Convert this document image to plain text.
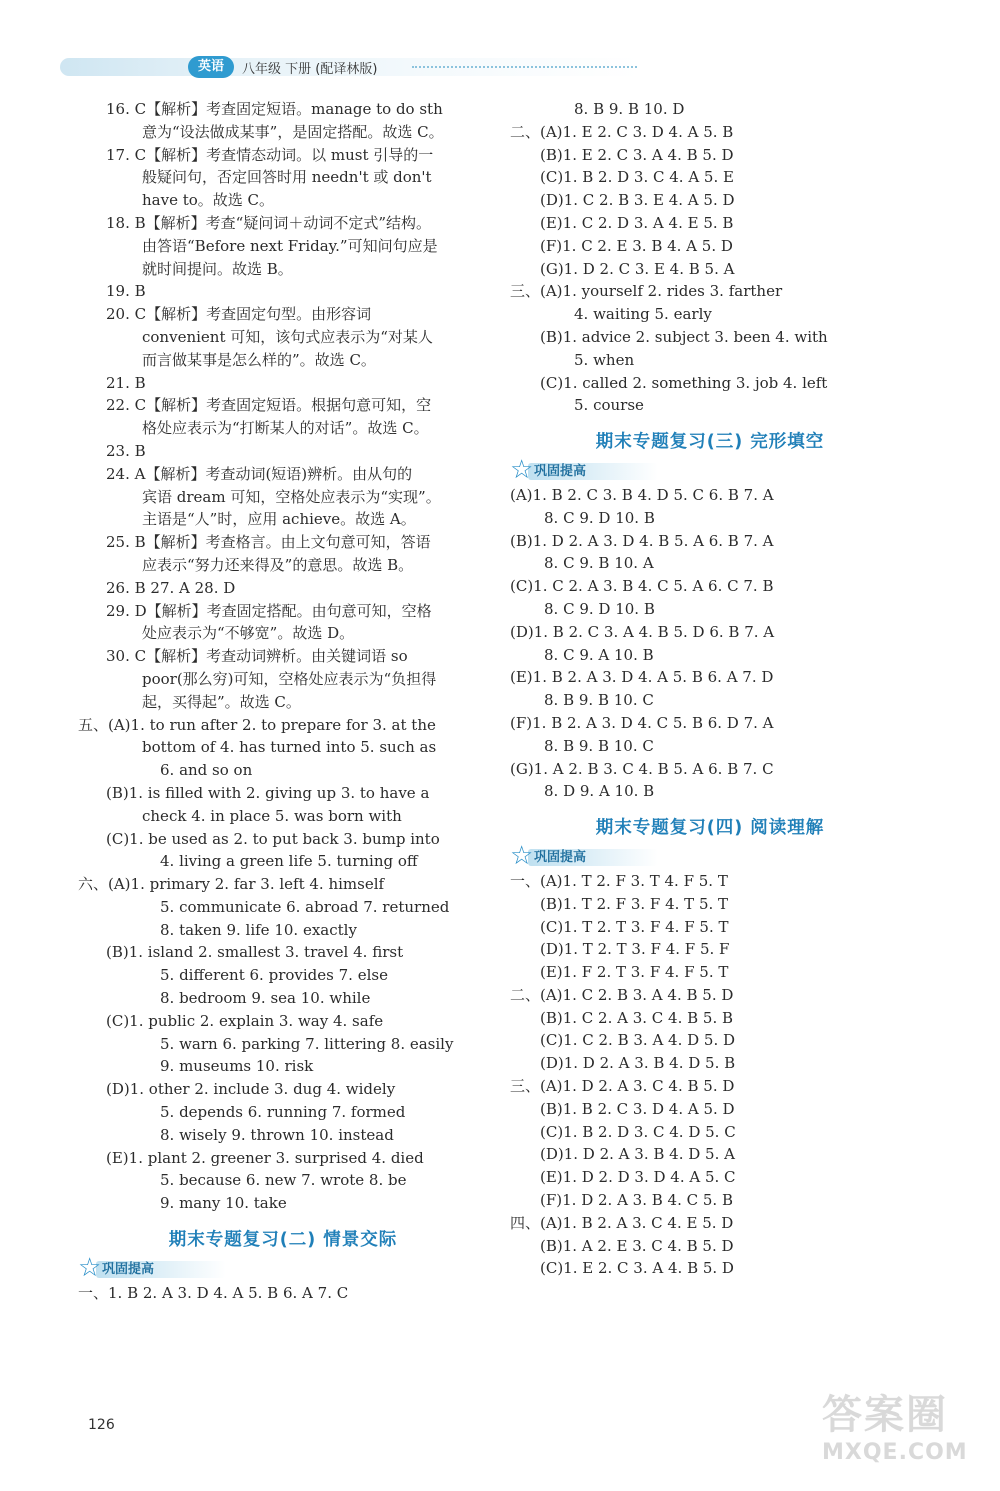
英语	八年级 下册 (配译林版)
16. C【解析】考查固定短语。manage to do sth
意为“设法做成某事”，是固定搭配。故选 C。
17. C【解析】考查情态动词。以 must 引导的一
般疑问句，否定回答时用 needn't 或 don't
have to。故选 C。
18. B【解析】考查“疑问词＋动词不定式”结构。
由答语“Before next Friday.”可知问句应是
就时间提问。故选 B。
19. B
20. C【解析】考查固定句型。由形容词
convenient 可知，该句式应表示为“对某人
而言做某事是怎么样的”。故选 C。
21. B
22. C【解析】考查固定短语。根据句意可知，空
格处应表示为“打断某人的对话”。故选 C。
23. B
24. A【解析】考查动词(短语)辨析。由从句的
宾语 dream 可知，空格处应表示为“实现”。
主语是“人”时，应用 achieve。故选 A。
25. B【解析】考查格言。由上文句意可知，答语
应表示“努力还来得及”的意思。故选 B。
26. B 27. A 28. D
29. D【解析】考查固定搭配。由句意可知，空格
处应表示为“不够宽”。故选 D。
30. C【解析】考查动词辨析。由关键词语 so
poor(那么穷)可知，空格处应表示为“负担得
起，买得起”。故选 C。
五、(A)1. to run after 2. to prepare for 3. at the
bottom of 4. has turned into 5. such as
6. and so on
(B)1. is filled with 2. giving up 3. to have a
check 4. in place 5. was born with
(C)1. be used as 2. to put back 3. bump into
4. living a green life 5. turning off
六、(A)1. primary 2. far 3. left 4. himself
5. communicate 6. abroad 7. returned
8. taken 9. life 10. exactly
(B)1. island 2. smallest 3. travel 4. first
5. different 6. provides 7. else
8. bedroom 9. sea 10. while
(C)1. public 2. explain 3. way 4. safe
5. warn 6. parking 7. littering 8. easily
9. museums 10. risk
(D)1. other 2. include 3. dug 4. widely
5. depends 6. running 7. formed
8. wisely 9. thrown 10. instead
(E)1. plant 2. greener 3. surprised 4. died
5. because 6. new 7. wrote 8. be
9. many 10. take
期末专题复习(二) 情景交际
☆ 巩固提高
一、1. B 2. A 3. D 4. A 5. B 6. A 7. C
8. B 9. B 10. D
二、(A)1. E 2. C 3. D 4. A 5. B
(B)1. E 2. C 3. A 4. B 5. D
(C)1. B 2. D 3. C 4. A 5. E
(D)1. C 2. B 3. E 4. A 5. D
(E)1. C 2. D 3. A 4. E 5. B
(F)1. C 2. E 3. B 4. A 5. D
(G)1. D 2. C 3. E 4. B 5. A
三、(A)1. yourself 2. rides 3. farther
4. waiting 5. early
(B)1. advice 2. subject 3. been 4. with
5. when
(C)1. called 2. something 3. job 4. left
5. course
期末专题复习(三) 完形填空
☆ 巩固提高
(A)1. B 2. C 3. B 4. D 5. C 6. B 7. A
8. C 9. D 10. B
(B)1. D 2. A 3. D 4. B 5. A 6. B 7. A
8. C 9. B 10. A
(C)1. C 2. A 3. B 4. C 5. A 6. C 7. B
8. C 9. D 10. B
(D)1. B 2. C 3. A 4. B 5. D 6. B 7. A
8. C 9. A 10. B
(E)1. B 2. A 3. D 4. A 5. B 6. A 7. D
8. B 9. B 10. C
(F)1. B 2. A 3. D 4. C 5. B 6. D 7. A
8. B 9. B 10. C
(G)1. A 2. B 3. C 4. B 5. A 6. B 7. C
8. D 9. A 10. B
期末专题复习(四) 阅读理解
☆ 巩固提高
一、(A)1. T 2. F 3. T 4. F 5. T
(B)1. T 2. F 3. F 4. T 5. T
(C)1. T 2. T 3. F 4. F 5. T
(D)1. T 2. T 3. F 4. F 5. F
(E)1. F 2. T 3. F 4. F 5. T
二、(A)1. C 2. B 3. A 4. B 5. D
(B)1. C 2. A 3. C 4. B 5. B
(C)1. C 2. B 3. A 4. D 5. D
(D)1. D 2. A 3. B 4. D 5. B
三、(A)1. D 2. A 3. C 4. B 5. D
(B)1. B 2. C 3. D 4. A 5. D
(C)1. B 2. D 3. C 4. D 5. C
(D)1. D 2. A 3. B 4. D 5. A
(E)1. D 2. D 3. D 4. A 5. C
(F)1. D 2. A 3. B 4. C 5. B
四、(A)1. B 2. A 3. C 4. E 5. D
(B)1. A 2. E 3. C 4. B 5. D
(C)1. E 2. C 3. A 4. B 5. D
126	答案圈
MXQE.COM
